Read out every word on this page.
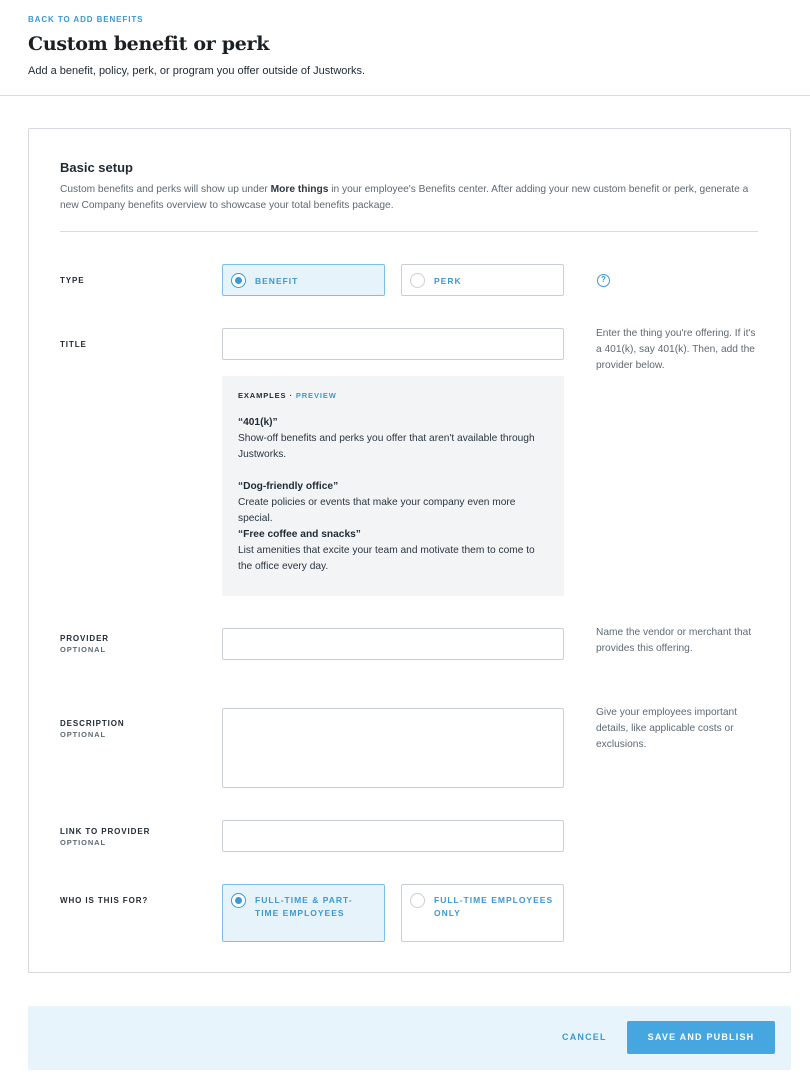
BACK TO ADD BENEFITS
Custom benefit or perk
Add a benefit, policy, perk, or program you offer outside of Justworks.
Basic setup
Custom benefits and perks will show up under More things in your employee's Benefits center. After adding your new custom benefit or perk, generate a new Company benefits overview to showcase your total benefits package.
TYPE	BENEFIT	PERK	?
TITLE
Enter the thing you're offering. If it's a 401(k), say 401(k). Then, add the provider below.
EXAMPLES · PREVIEW
“401(k)”
Show-off benefits and perks you offer that aren't available through Justworks.
“Dog-friendly office”
Create policies or events that make your company even more special.
“Free coffee and snacks”
List amenities that excite your team and motivate them to come to the office every day.
PROVIDER
OPTIONAL
Name the vendor or merchant that provides this offering.
DESCRIPTION
OPTIONAL
Give your employees important details, like applicable costs or exclusions.
LINK TO PROVIDER
OPTIONAL
WHO IS THIS FOR?	FULL-TIME & PART-TIME EMPLOYEES
FULL-TIME EMPLOYEES ONLY
CANCEL	SAVE AND PUBLISH
